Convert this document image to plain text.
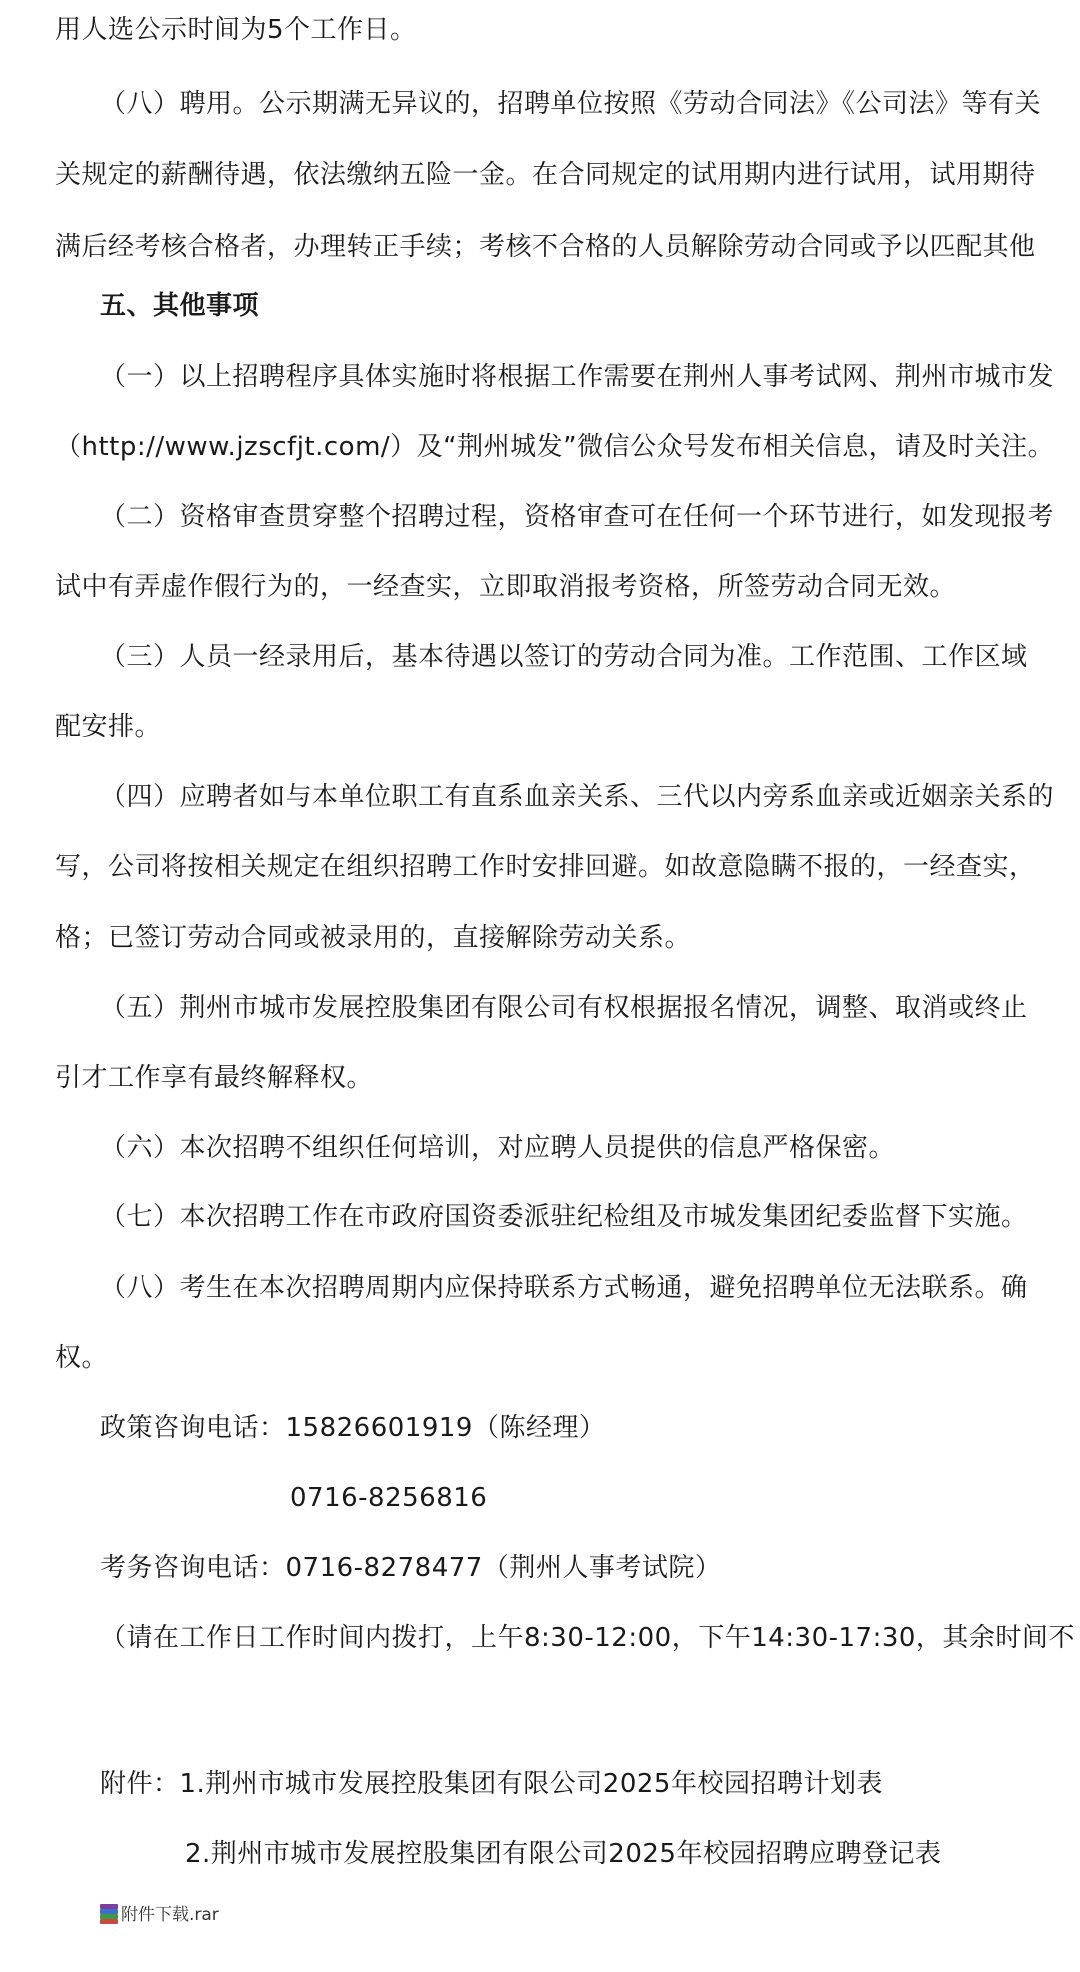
用人选公示时间为5个工作日。
（八）聘用。公示期满无异议的，招聘单位按照《劳动合同法》《公司法》等有关
关规定的薪酬待遇，依法缴纳五险一金。在合同规定的试用期内进行试用，试用期待
满后经考核合格者，办理转正手续；考核不合格的人员解除劳动合同或予以匹配其他
五、其他事项
（一）以上招聘程序具体实施时将根据工作需要在荆州人事考试网、荆州市城市发
（http://www.jzscfjt.com/）及“荆州城发”微信公众号发布相关信息，请及时关注。
（二）资格审查贯穿整个招聘过程，资格审查可在任何一个环节进行，如发现报考
试中有弄虚作假行为的，一经查实，立即取消报考资格，所签劳动合同无效。
（三）人员一经录用后，基本待遇以签订的劳动合同为准。工作范围、工作区域
配安排。
（四）应聘者如与本单位职工有直系血亲关系、三代以内旁系血亲或近姻亲关系的
写，公司将按相关规定在组织招聘工作时安排回避。如故意隐瞒不报的，一经查实，
格；已签订劳动合同或被录用的，直接解除劳动关系。
（五）荆州市城市发展控股集团有限公司有权根据报名情况，调整、取消或终止
引才工作享有最终解释权。
（六）本次招聘不组织任何培训，对应聘人员提供的信息严格保密。
（七）本次招聘工作在市政府国资委派驻纪检组及市城发集团纪委监督下实施。
（八）考生在本次招聘周期内应保持联系方式畅通，避免招聘单位无法联系。确
权。
政策咨询电话：15826601919（陈经理）
0716-8256816
考务咨询电话：0716-8278477（荆州人事考试院）
（请在工作日工作时间内拨打，上午8:30-12:00，下午14:30-17:30，其余时间不
附件：1.荆州市城市发展控股集团有限公司2025年校园招聘计划表
2.荆州市城市发展控股集团有限公司2025年校园招聘应聘登记表
附件下载.rar
